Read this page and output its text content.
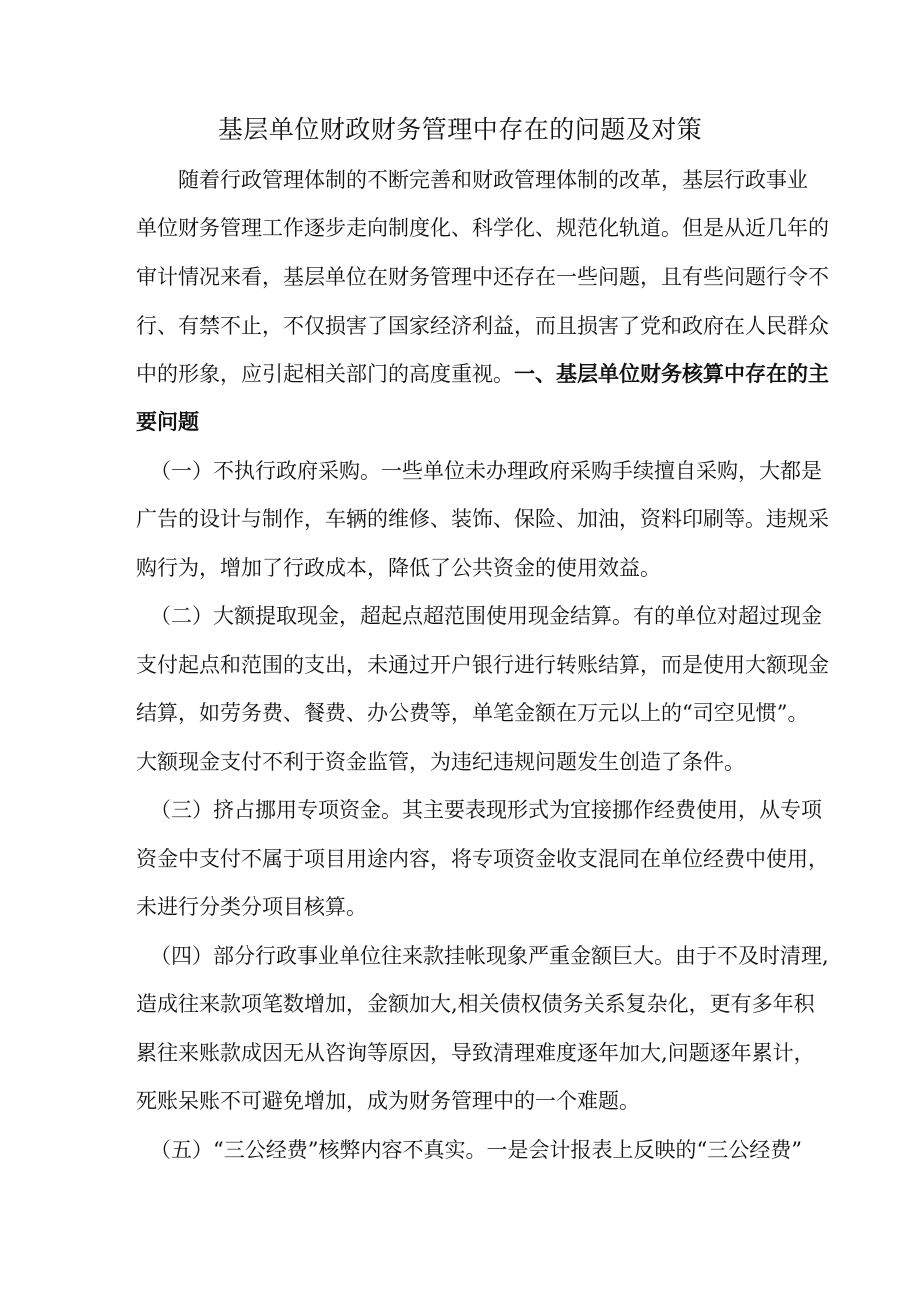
基层单位财政财务管理中存在的问题及对策
随着行政管理体制的不断完善和财政管理体制的改革，基层行政事业
单位财务管理工作逐步走向制度化、科学化、规范化轨道。但是从近几年的
审计情况来看，基层单位在财务管理中还存在一些问题，且有些问题行令不
行、有禁不止，不仅损害了国家经济利益，而且损害了党和政府在人民群众
中的形象，应引起相关部门的高度重视。一、基层单位财务核算中存在的主
要问题
（一）不执行政府采购。一些单位未办理政府采购手续擅自采购，大都是
广告的设计与制作，车辆的维修、装饰、保险、加油，资料印刷等。违规采
购行为，增加了行政成本，降低了公共资金的使用效益。
（二）大额提取现金，超起点超范围使用现金结算。有的单位对超过现金
支付起点和范围的支出，未通过开户银行进行转账结算，而是使用大额现金
结算，如劳务费、餐费、办公费等，单笔金额在万元以上的“司空见惯”。
大额现金支付不利于资金监管，为违纪违规问题发生创造了条件。
（三）挤占挪用专项资金。其主要表现形式为宜接挪作经费使用，从专项
资金中支付不属于项目用途内容，将专项资金收支混同在单位经费中使用，
未进行分类分项目核算。
（四）部分行政事业单位往来款挂帐现象严重金额巨大。由于不及时清理,
造成往来款项笔数增加，金额加大,相关债权债务关系复杂化，更有多年积
累往来账款成因无从咨询等原因，导致清理难度逐年加大,问题逐年累计，
死账呆账不可避免增加，成为财务管理中的一个难题。
（五）“三公经费”核弊内容不真实。一是会计报表上反映的“三公经费”
